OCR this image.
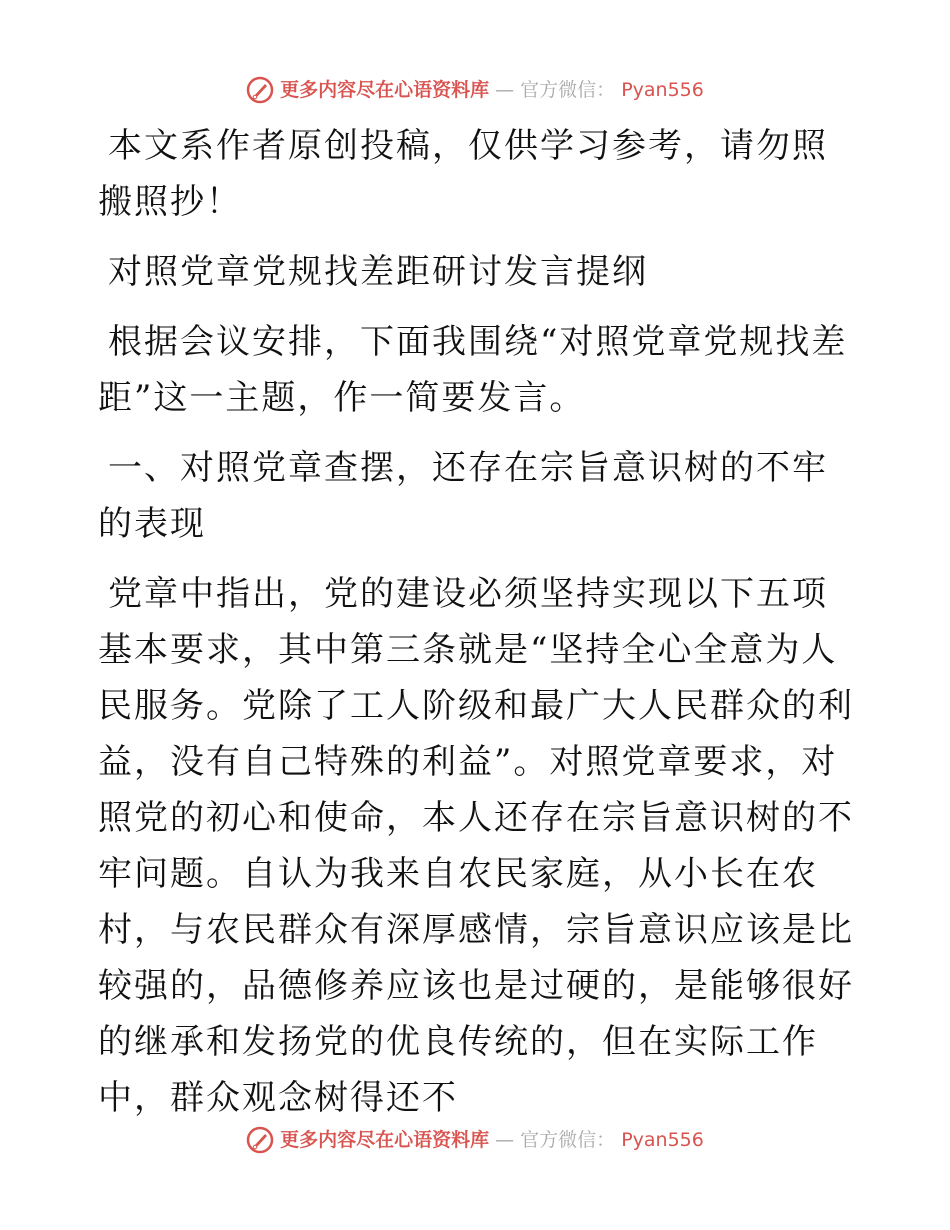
更多内容尽在心语资料库 — 官方微信： Pyan556

本文系作者原创投稿，仅供学习参考，请勿照搬照抄！

对照党章党规找差距研讨发言提纲

根据会议安排，下面我围绕“对照党章党规找差距”这一主题，作一简要发言。

一、对照党章查摆，还存在宗旨意识树的不牢的表现

党章中指出，党的建设必须坚持实现以下五项基本要求，其中第三条就是“坚持全心全意为人民服务。党除了工人阶级和最广大人民群众的利益，没有自己特殊的利益”。对照党章要求，对照党的初心和使命，本人还存在宗旨意识树的不牢问题。自认为我来自农民家庭，从小长在农村，与农民群众有深厚感情，宗旨意识应该是比较强的，品德修养应该也是过硬的，是能够很好的继承和发扬党的优良传统的，但在实际工作中，群众观念树得还不

更多内容尽在心语资料库 — 官方微信： Pyan556
